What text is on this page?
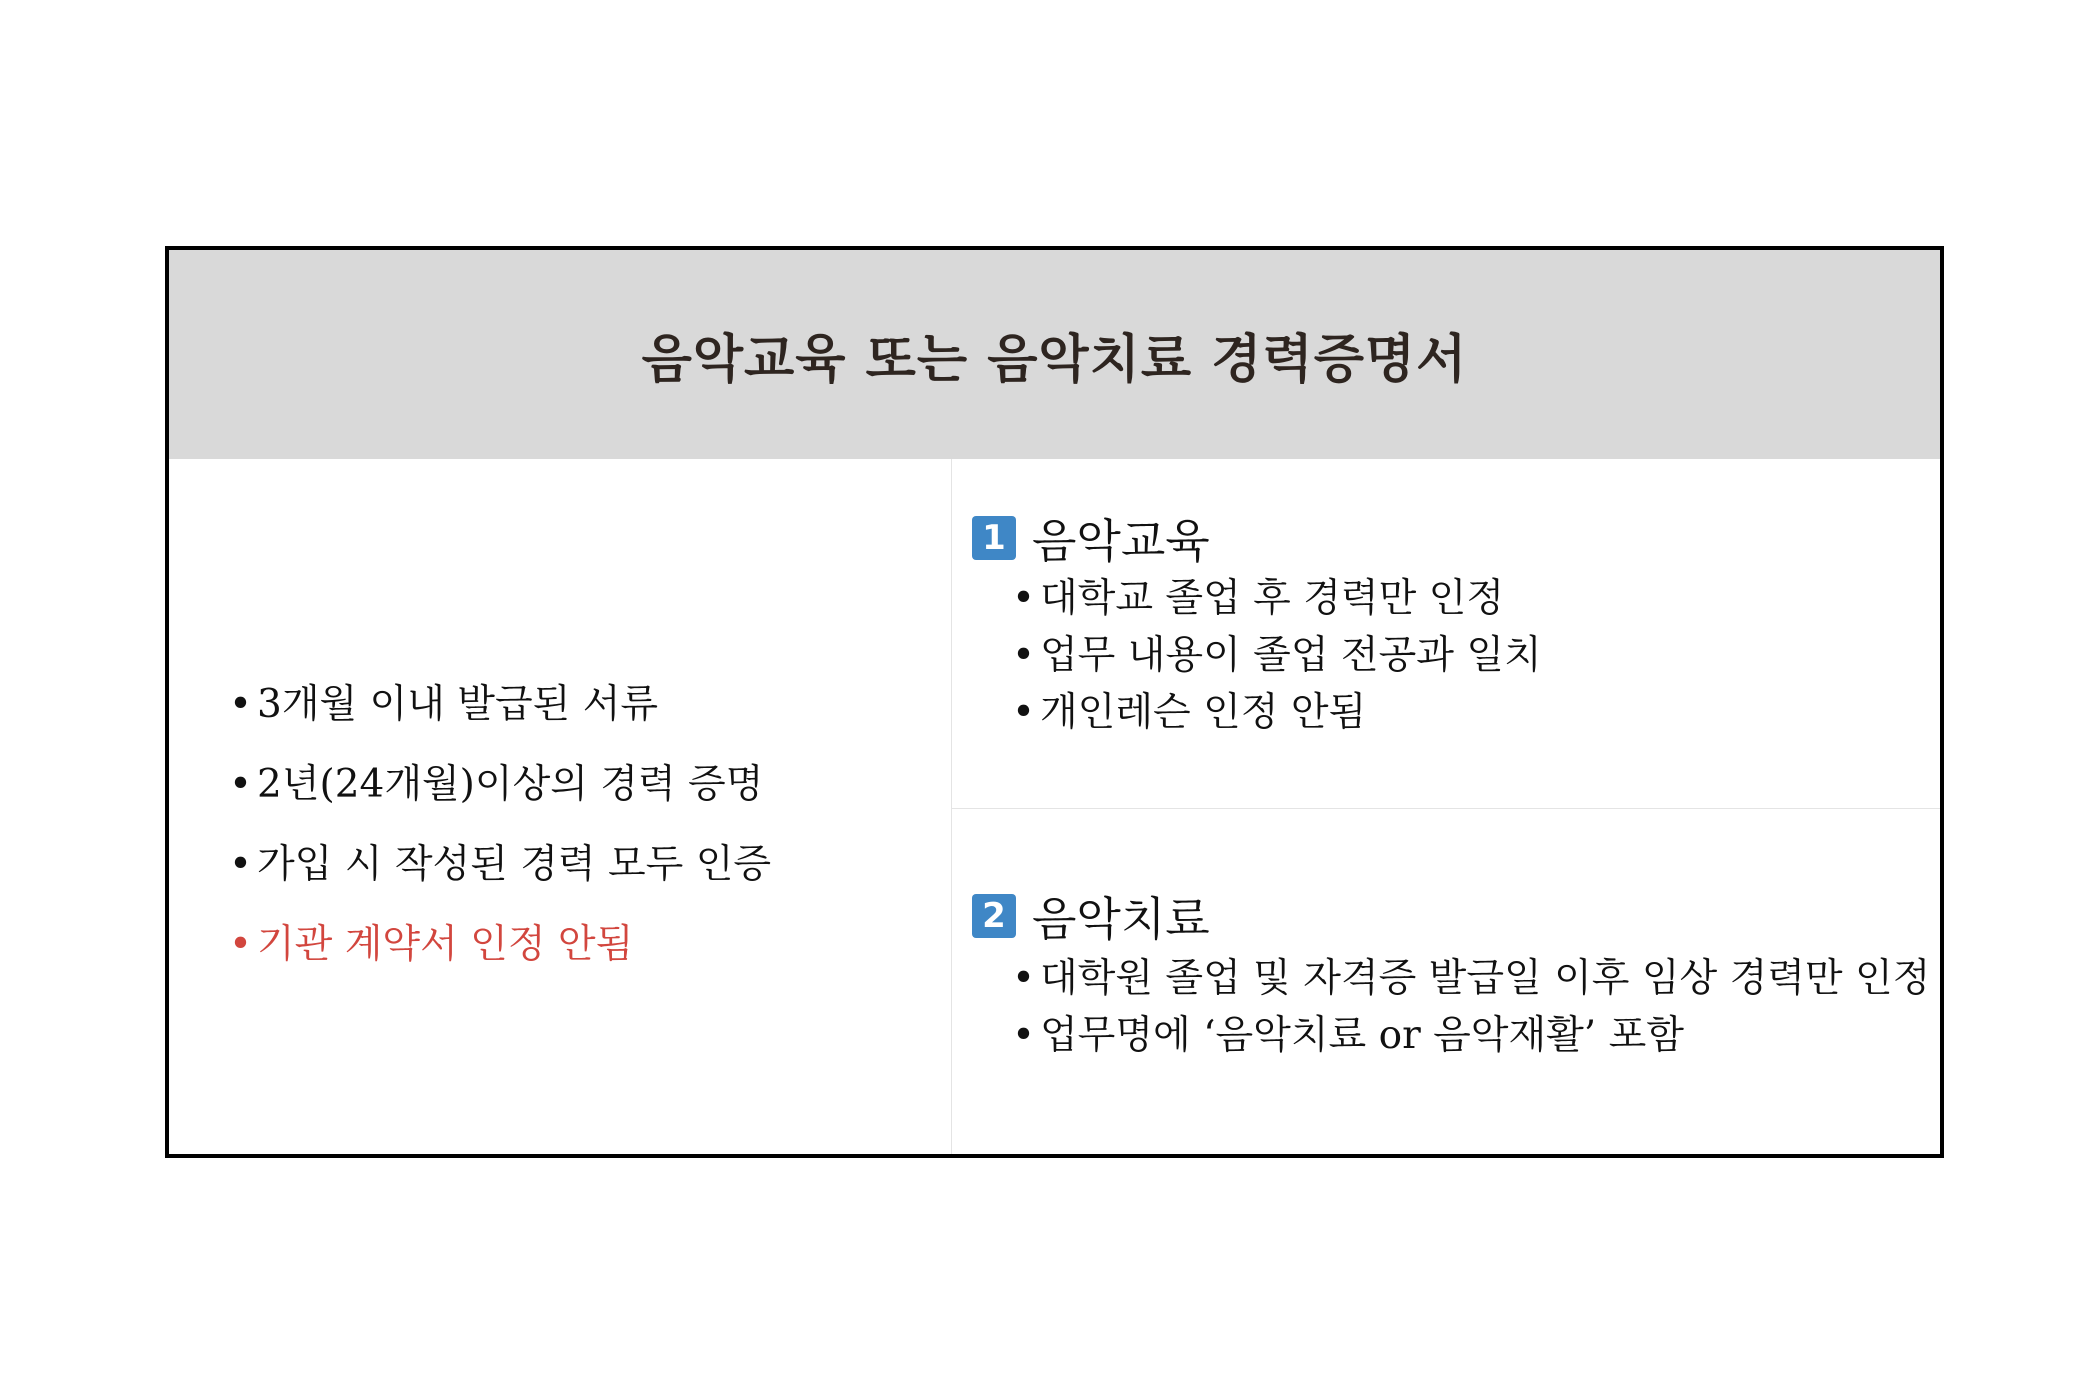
음악교육 또는 음악치료 경력증명서
• 3개월 이내 발급된 서류
• 2년(24개월)이상의 경력 증명
• 가입 시 작성된 경력 모두 인증
• 기관 계약서 인정 안됨
1 음악교육
• 대학교 졸업 후 경력만 인정
• 업무 내용이 졸업 전공과 일치
• 개인레슨 인정 안됨
2 음악치료
• 대학원 졸업 및 자격증 발급일 이후 임상 경력만 인정
• 업무명에 ‘음악치료 or 음악재활’ 포함
